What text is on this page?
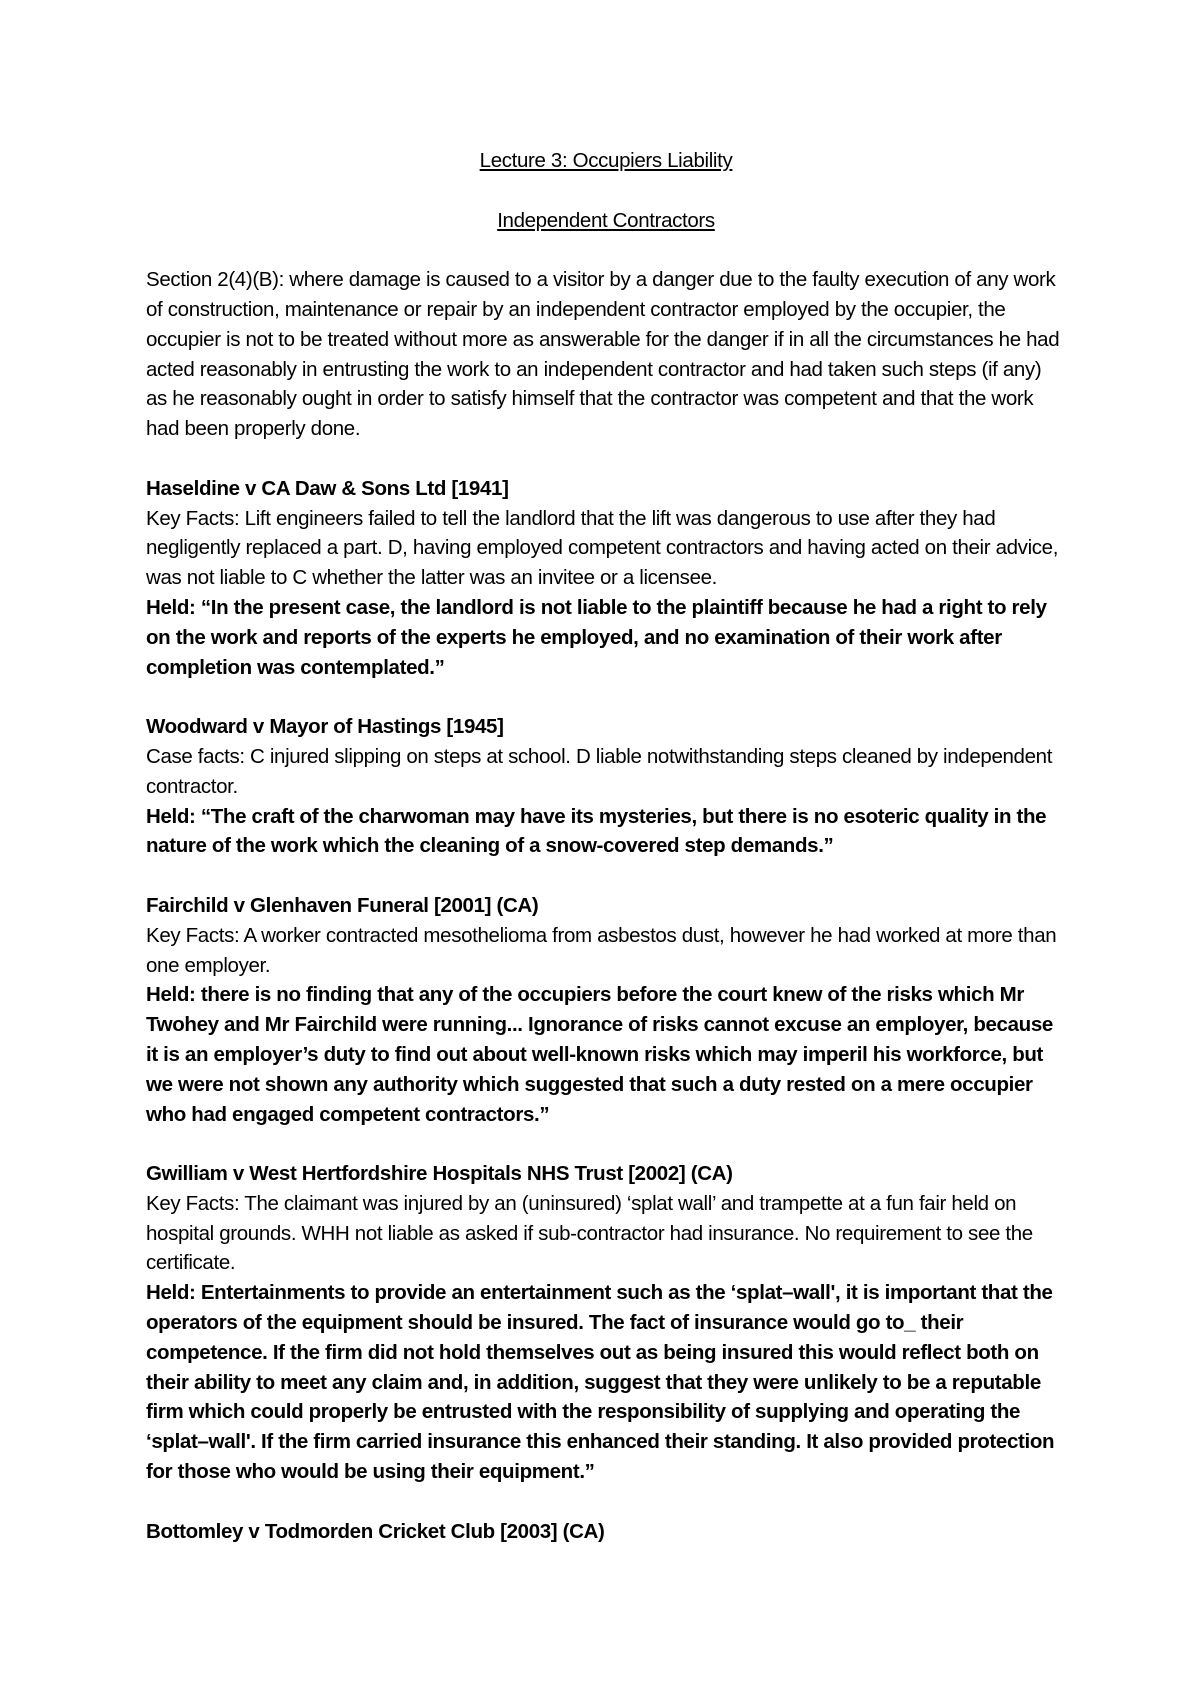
Lecture 3: Occupiers Liability

Independent Contractors

Section 2(4)(B): where damage is caused to a visitor by a danger due to the faulty execution of any work of construction, maintenance or repair by an independent contractor employed by the occupier, the occupier is not to be treated without more as answerable for the danger if in all the circumstances he had acted reasonably in entrusting the work to an independent contractor and had taken such steps (if any) as he reasonably ought in order to satisfy himself that the contractor was competent and that the work had been properly done.

Haseldine v CA Daw & Sons Ltd [1941]

Key Facts: Lift engineers failed to tell the landlord that the lift was dangerous to use after they had negligently replaced a part. D, having employed competent contractors and having acted on their advice, was not liable to C whether the latter was an invitee or a licensee.

Held: “In the present case, the landlord is not liable to the plaintiff because he had a right to rely on the work and reports of the experts he employed, and no examination of their work after completion was contemplated.”

Woodward v Mayor of Hastings [1945]

Case facts: C injured slipping on steps at school. D liable notwithstanding steps cleaned by independent contractor.

Held: “The craft of the charwoman may have its mysteries, but there is no esoteric quality in the nature of the work which the cleaning of a snow-covered step demands.”

Fairchild v Glenhaven Funeral [2001] (CA)

Key Facts: A worker contracted mesothelioma from asbestos dust, however he had worked at more than one employer.

Held: there is no finding that any of the occupiers before the court knew of the risks which Mr Twohey and Mr Fairchild were running... Ignorance of risks cannot excuse an employer, because it is an employer’s duty to find out about well-known risks which may imperil his workforce, but we were not shown any authority which suggested that such a duty rested on a mere occupier who had engaged competent contractors.”

Gwilliam v West Hertfordshire Hospitals NHS Trust [2002] (CA)

Key Facts: The claimant was injured by an (uninsured) ‘splat wall’ and trampette at a fun fair held on hospital grounds. WHH not liable as asked if sub-contractor had insurance. No requirement to see the certificate.

Held: Entertainments to provide an entertainment such as the ‘splat–wall', it is important that the operators of the equipment should be insured. The fact of insurance would go to_ their competence. If the firm did not hold themselves out as being insured this would reflect both on their ability to meet any claim and, in addition, suggest that they were unlikely to be a reputable firm which could properly be entrusted with the responsibility of supplying and operating the ‘splat–wall'. If the firm carried insurance this enhanced their standing. It also provided protection for those who would be using their equipment.”

Bottomley v Todmorden Cricket Club [2003] (CA)
